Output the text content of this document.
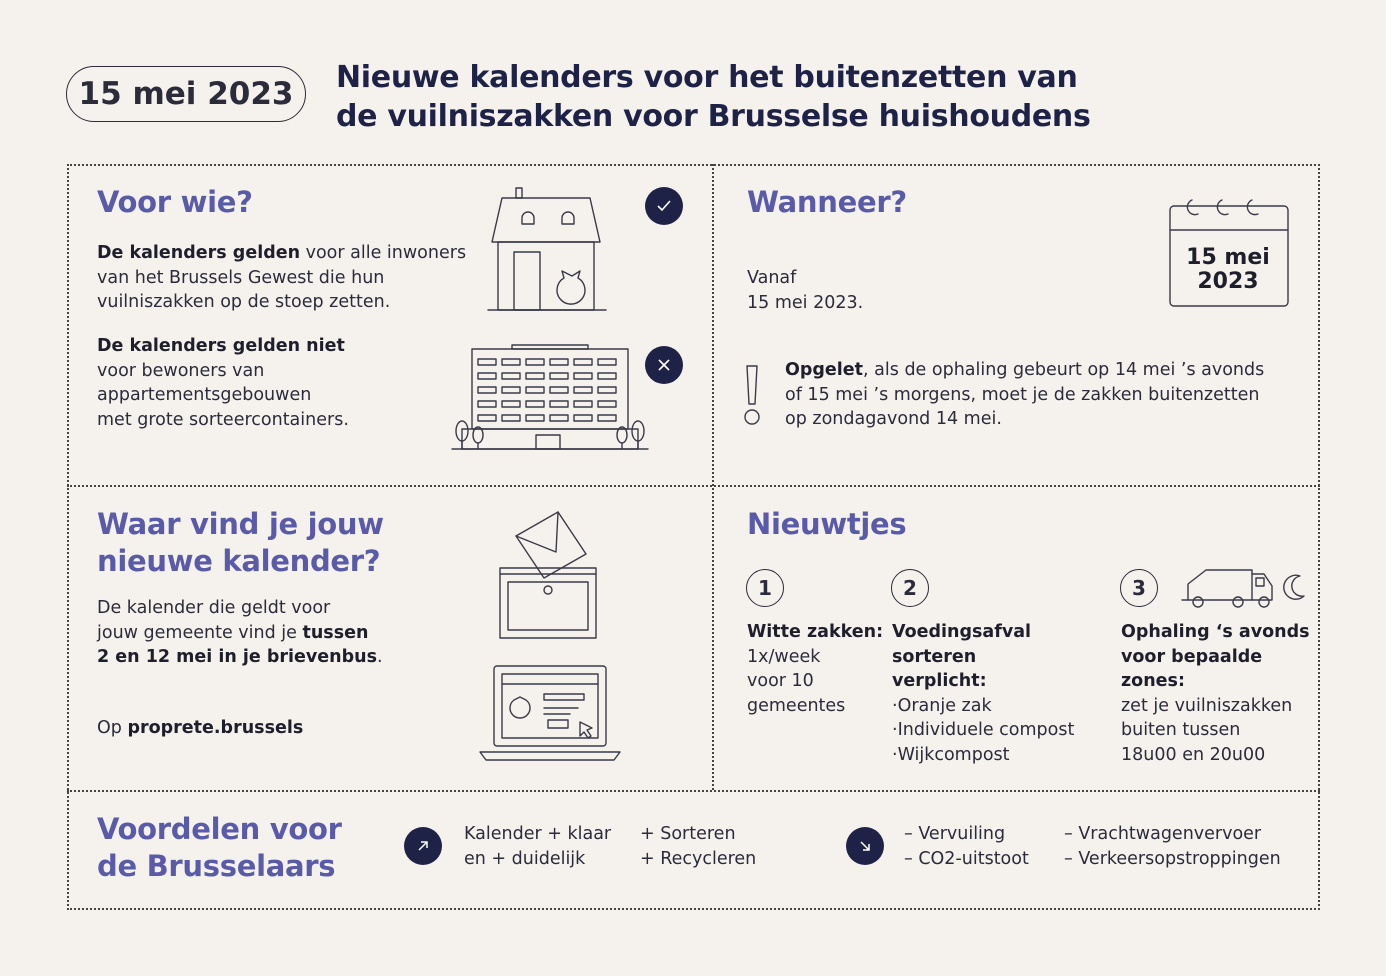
15 mei 2023	Nieuwe kalenders voor het buitenzetten van
de vuilniszakken voor Brusselse huishoudens
Voor wie?
De kalenders gelden voor alle inwoners
van het Brussels Gewest die hun
vuilniszakken op de stoep zetten.
De kalenders gelden niet
voor bewoners van
appartementsgebouwen
met grote sorteercontainers.
Wanneer?
Vanaf
15 mei 2023.
15 mei
2023
Opgelet, als de ophaling gebeurt op 14 mei ’s avonds
of 15 mei ’s morgens, moet je de zakken buitenzetten
op zondagavond 14 mei.
Waar vind je jouw
nieuwe kalender?
De kalender die geldt voor
jouw gemeente vind je tussen
2 en 12 mei in je brievenbus.
Op proprete.brussels
Nieuwtjes
1
Witte zakken:
1x/week
voor 10
gemeentes
2
Voedingsafval
sorteren
verplicht:
·Oranje zak
·Individuele compost
·Wijkcompost
3
Ophaling ‘s avonds
voor bepaalde
zones:
zet je vuilniszakken
buiten tussen
18u00 en 20u00
Voordelen voor
de Brusselaars
Kalender + klaar
en + duidelijk
+ Sorteren
+ Recycleren
– Vervuiling
– CO2-uitstoot
– Vrachtwagenvervoer
– Verkeersopstroppingen
